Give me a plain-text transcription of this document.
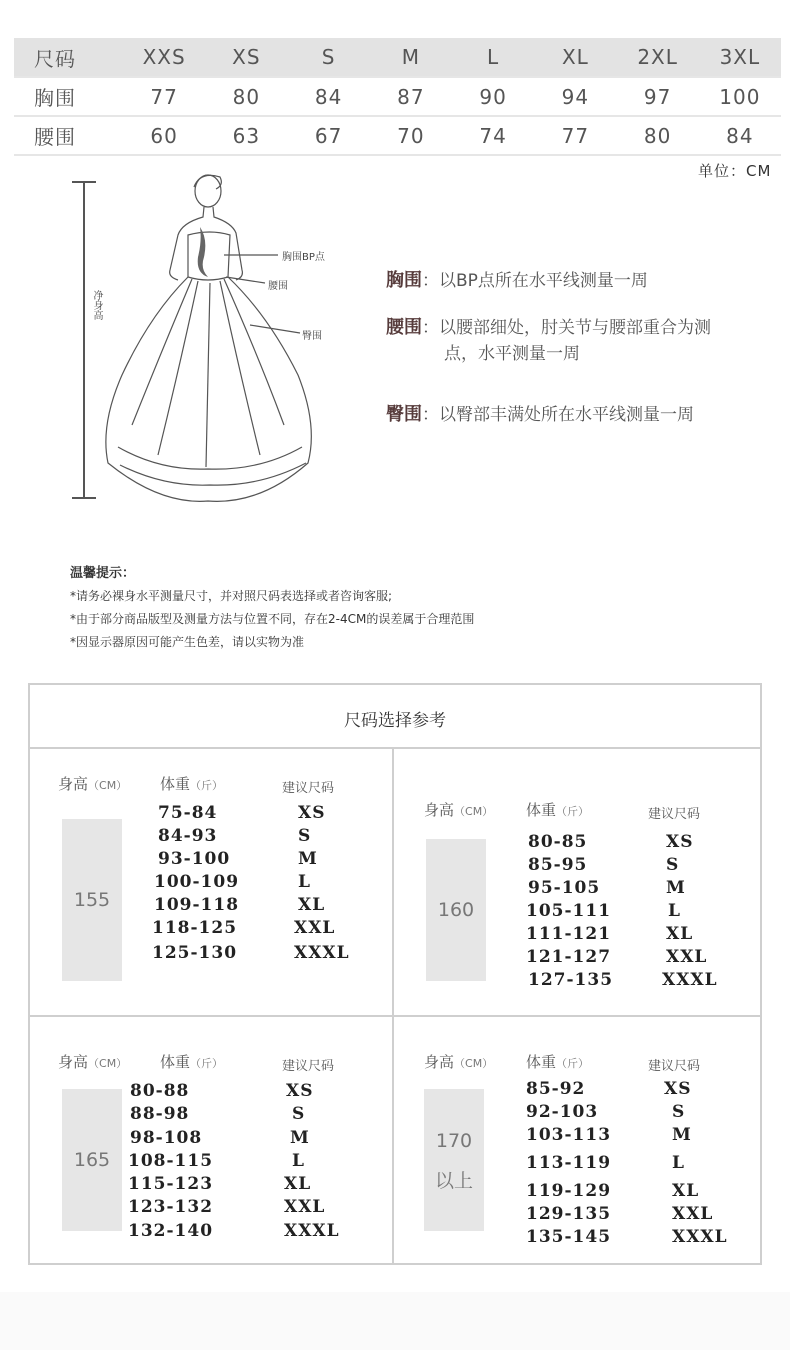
尺码	XXS	XS	S	M	L	XL	2XL	3XL
胸围	77	80	84	87	90	94	97	100
腰围	60	63	67	70	74	77	80	84
单位：CM
净身高
胸围BP点
腰围
臀围
胸围：以BP点所在水平线测量一周
腰围：以腰部细处，肘关节与腰部重合为测
点，水平测量一周
臀围：以臀部丰满处所在水平线测量一周
温馨提示：
*请务必裸身水平测量尺寸，并对照尺码表选择或者咨询客服;
*由于部分商品版型及测量方法与位置不同，存在2-4CM的误差属于合理范围
*因显示器原因可能产生色差，请以实物为准
尺码选择参考
身高（CM） 体重（斤）	建议尺码
155
75-84	XS
84-93	S
93-100	M
100-109	L
109-118	XL
118-125	XXL
125-130	XXXL
身高（CM） 体重（斤）	建议尺码
160
80-85	XS
85-95	S
95-105	M
105-111	L
111-121	XL
121-127	XXL
127-135	XXXL
身高（CM） 体重（斤）	建议尺码
165
80-88	XS
88-98	S
98-108	M
108-115	L
115-123	XL
123-132	XXL
132-140	XXXL
身高（CM） 体重（斤）	建议尺码
170
以上
85-92	XS
92-103	S
103-113	M
113-119	L
119-129	XL
129-135	XXL
135-145	XXXL
